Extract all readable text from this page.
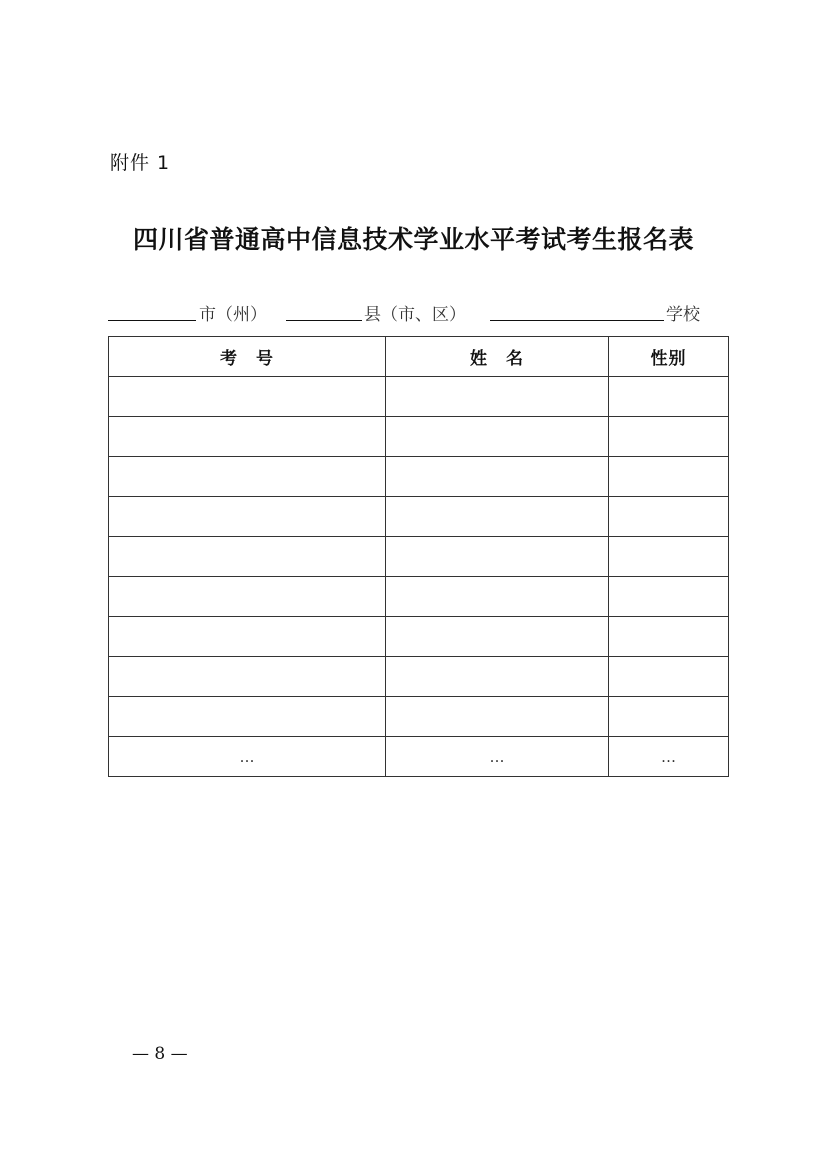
附件 1
四川省普通高中信息技术学业水平考试考生报名表
市（州）	县（市、区）	学校
考　号	姓　名	性别

…	…	…
— 8 —
